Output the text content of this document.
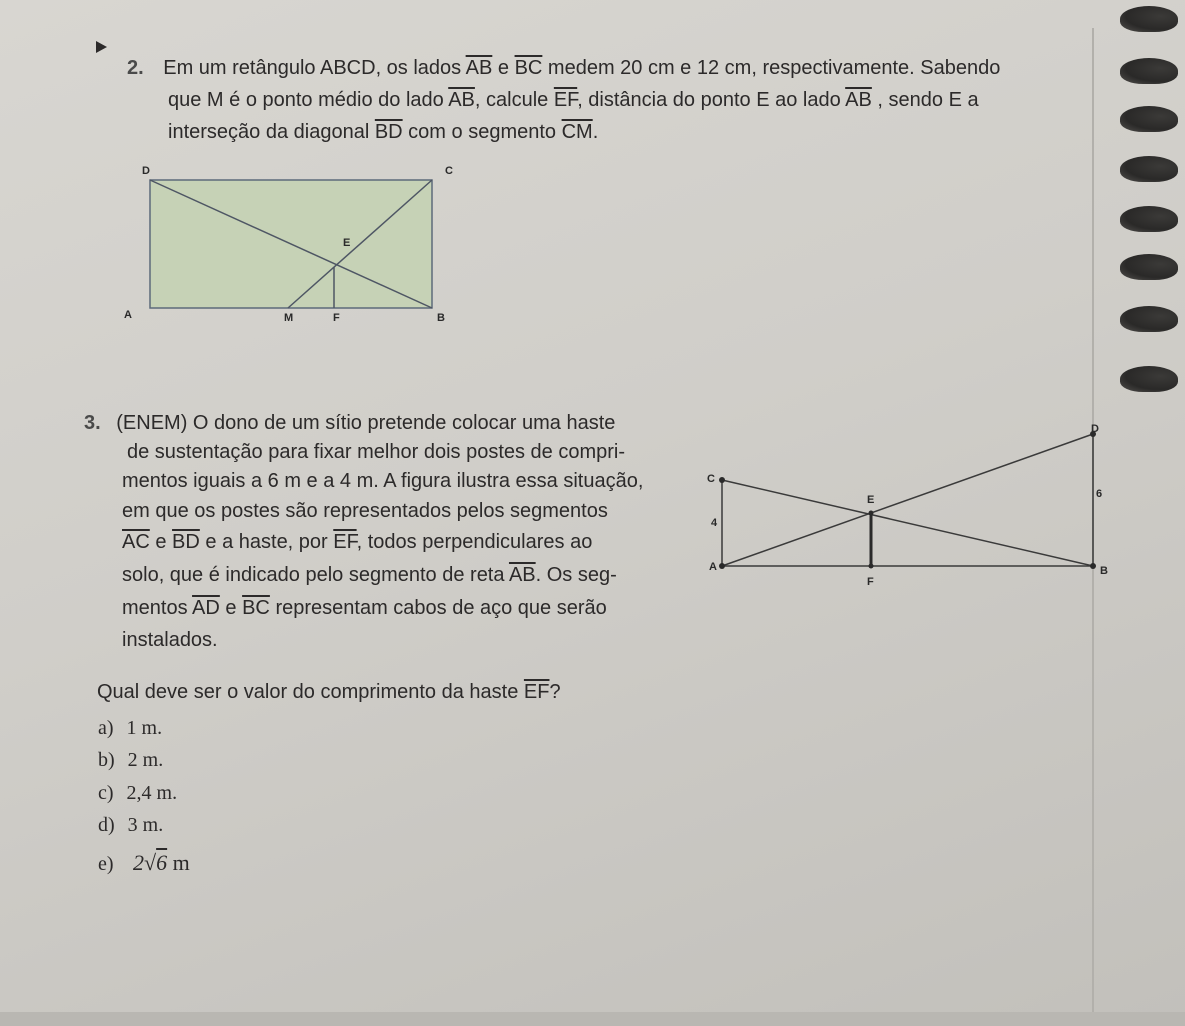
2. Em um retângulo ABCD, os lados $\overline{AB}$ e $\overline{BC}$ medem 20 cm e 12 cm, respectivamente. Sabendo
que M é o ponto médio do lado $\overline{AB}$, calcule $\overline{EF}$, distância do ponto E ao lado $\overline{AB}$ , sendo E a
interseção da diagonal $\overline{BD}$ com o segmento $\overline{CM}$.
D	C
E
A	M	F	B
3. (ENEM) O dono de um sítio pretende colocar uma haste
de sustentação para fixar melhor dois postes de compri-
mentos iguais a 6 m e a 4 m. A figura ilustra essa situação,
em que os postes são representados pelos segmentos
$\overline{AC}$ e $\overline{BD}$ e a haste, por $\overline{EF}$, todos perpendiculares ao
solo, que é indicado pelo segmento de reta $\overline{AB}$. Os seg-
mentos $\overline{AD}$ e $\overline{BC}$ representam cabos de aço que serão
instalados.
D
C
E	6
4
A
F
B
Qual deve ser o valor do comprimento da haste $\overline{EF}$?
a) 1 m.
b) 2 m.
c) 2,4 m.
d) 3 m.
e) 2√6 m
